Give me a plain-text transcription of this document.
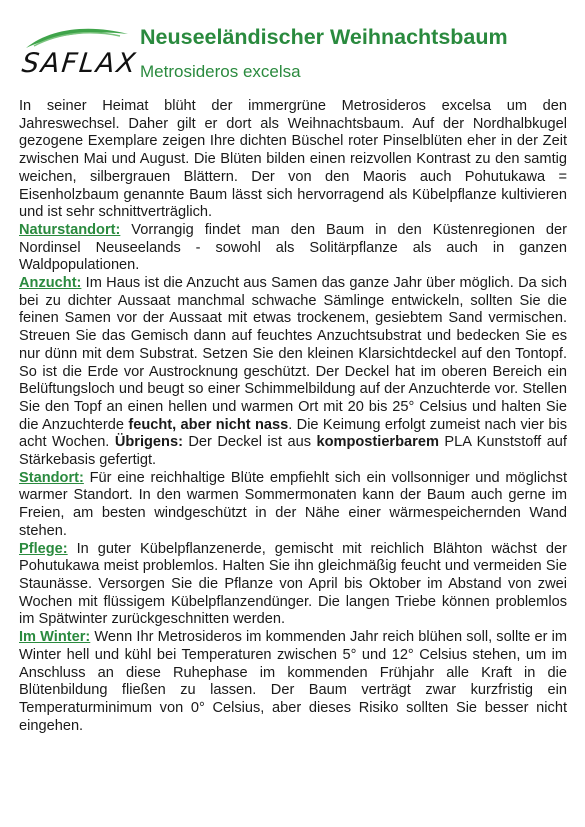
SAFLAX
Neuseeländischer Weihnachtsbaum
Metrosideros excelsa

In seiner Heimat blüht der immergrüne Metrosideros excelsa um den Jahreswechsel. Daher gilt er dort als Weihnachtsbaum. Auf der Nordhalbkugel gezogene Exemplare zeigen Ihre dichten Büschel roter Pinselblüten eher in der Zeit zwischen Mai und August. Die Blüten bilden einen reizvollen Kontrast zu den samtig weichen, silbergrauen Blättern. Der von den Maoris auch Pohutukawa = Eisenholzbaum genannte Baum lässt sich hervorragend als Kübelpflanze kultivieren und ist sehr schnittverträglich.

Naturstandort: Vorrangig findet man den Baum in den Küstenregionen der Nordinsel Neuseelands - sowohl als Solitärpflanze als auch in ganzen Waldpopulationen.

Anzucht: Im Haus ist die Anzucht aus Samen das ganze Jahr über möglich. Da sich bei zu dichter Aussaat manchmal schwache Sämlinge entwickeln, sollten Sie die feinen Samen vor der Aussaat mit etwas trockenem, gesiebtem Sand vermischen. Streuen Sie das Gemisch dann auf feuchtes Anzuchtsubstrat und bedecken Sie es nur dünn mit dem Substrat. Setzen Sie den kleinen Klarsichtdeckel auf den Tontopf. So ist die Erde vor Austrocknung geschützt. Der Deckel hat im oberen Bereich ein Belüftungsloch und beugt so einer Schimmelbildung auf der Anzuchterde vor. Stellen Sie den Topf an einen hellen und warmen Ort mit 20 bis 25° Celsius und halten Sie die Anzuchterde feucht, aber nicht nass. Die Keimung erfolgt zumeist nach vier bis acht Wochen. Übrigens: Der Deckel ist aus kompostierbarem PLA Kunststoff auf Stärkebasis gefertigt.

Standort: Für eine reichhaltige Blüte empfiehlt sich ein vollsonniger und möglichst warmer Standort. In den warmen Sommermonaten kann der Baum auch gerne im Freien, am besten windgeschützt in der Nähe einer wärmespeichernden Wand stehen.

Pflege: In guter Kübelpflanzenerde, gemischt mit reichlich Blähton wächst der Pohutukawa meist problemlos. Halten Sie ihn gleichmäßig feucht und vermeiden Sie Staunässe. Versorgen Sie die Pflanze von April bis Oktober im Abstand von zwei Wochen mit flüssigem Kübelpflanzendünger. Die langen Triebe können problemlos im Spätwinter zurückgeschnitten werden.

Im Winter: Wenn Ihr Metrosideros im kommenden Jahr reich blühen soll, sollte er im Winter hell und kühl bei Temperaturen zwischen 5° und 12° Celsius stehen, um im Anschluss an diese Ruhephase im kommenden Frühjahr alle Kraft in die Blütenbildung fließen zu lassen. Der Baum verträgt zwar kurzfristig ein Temperaturminimum von 0° Celsius, aber dieses Risiko sollten Sie besser nicht eingehen.
